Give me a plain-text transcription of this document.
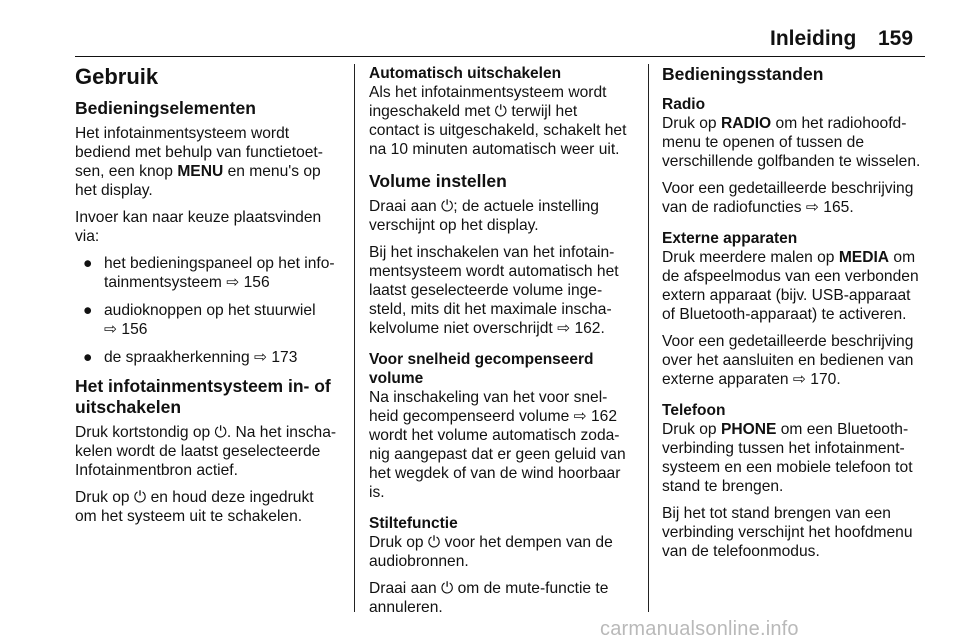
Inleiding 159
Gebruik
Bedieningselementen

Het infotainmentsysteem wordt
bediend met behulp van functietoet-
sen, een knop MENU en menu's op
het display.

Invoer kan naar keuze plaatsvinden
via:

● het bedieningspaneel op het info-
tainmentsysteem ⇨ 156
● audioknoppen op het stuurwiel
⇨ 156
● de spraakherkenning ⇨ 173
Het infotainmentsysteem in- of
uitschakelen

Druk kortstondig op ⏻. Na het inscha-
kelen wordt de laatst geselecteerde
Infotainmentbron actief.

Druk op ⏻ en houd deze ingedrukt
om het systeem uit te schakelen.

Automatisch uitschakelen

Als het infotainmentsysteem wordt
ingeschakeld met ⏻ terwijl het
contact is uitgeschakeld, schakelt het
na 10 minuten automatisch weer uit.

Volume instellen

Draai aan ⏻; de actuele instelling
verschijnt op het display.

Bij het inschakelen van het infotain-
mentsysteem wordt automatisch het
laatst geselecteerde volume inge-
steld, mits dit het maximale inscha-
kelvolume niet overschrijdt ⇨ 162.

Voor snelheid gecompenseerd
volume

Na inschakeling van het voor snel-
heid gecompenseerd volume ⇨ 162
wordt het volume automatisch zoda-
nig aangepast dat er geen geluid van
het wegdek of van de wind hoorbaar
is.

Stiltefunctie

Druk op ⏻ voor het dempen van de
audiobronnen.

Draai aan ⏻ om de mute-functie te
annuleren.

Bedieningsstanden
Radio

Druk op RADIO om het radiohoofd-
menu te openen of tussen de
verschillende golfbanden te wisselen.

Voor een gedetailleerde beschrijving
van de radiofuncties ⇨ 165.

Externe apparaten

Druk meerdere malen op MEDIA om
de afspeelmodus van een verbonden
extern apparaat (bijv. USB-apparaat
of Bluetooth-apparaat) te activeren.

Voor een gedetailleerde beschrijving
over het aansluiten en bedienen van
externe apparaten ⇨ 170.

Telefoon

Druk op PHONE om een Bluetooth-
verbinding tussen het infotainment-
systeem en een mobiele telefoon tot
stand te brengen.

Bij het tot stand brengen van een
verbinding verschijnt het hoofdmenu
van de telefoonmodus.

carmanualsonline.info
